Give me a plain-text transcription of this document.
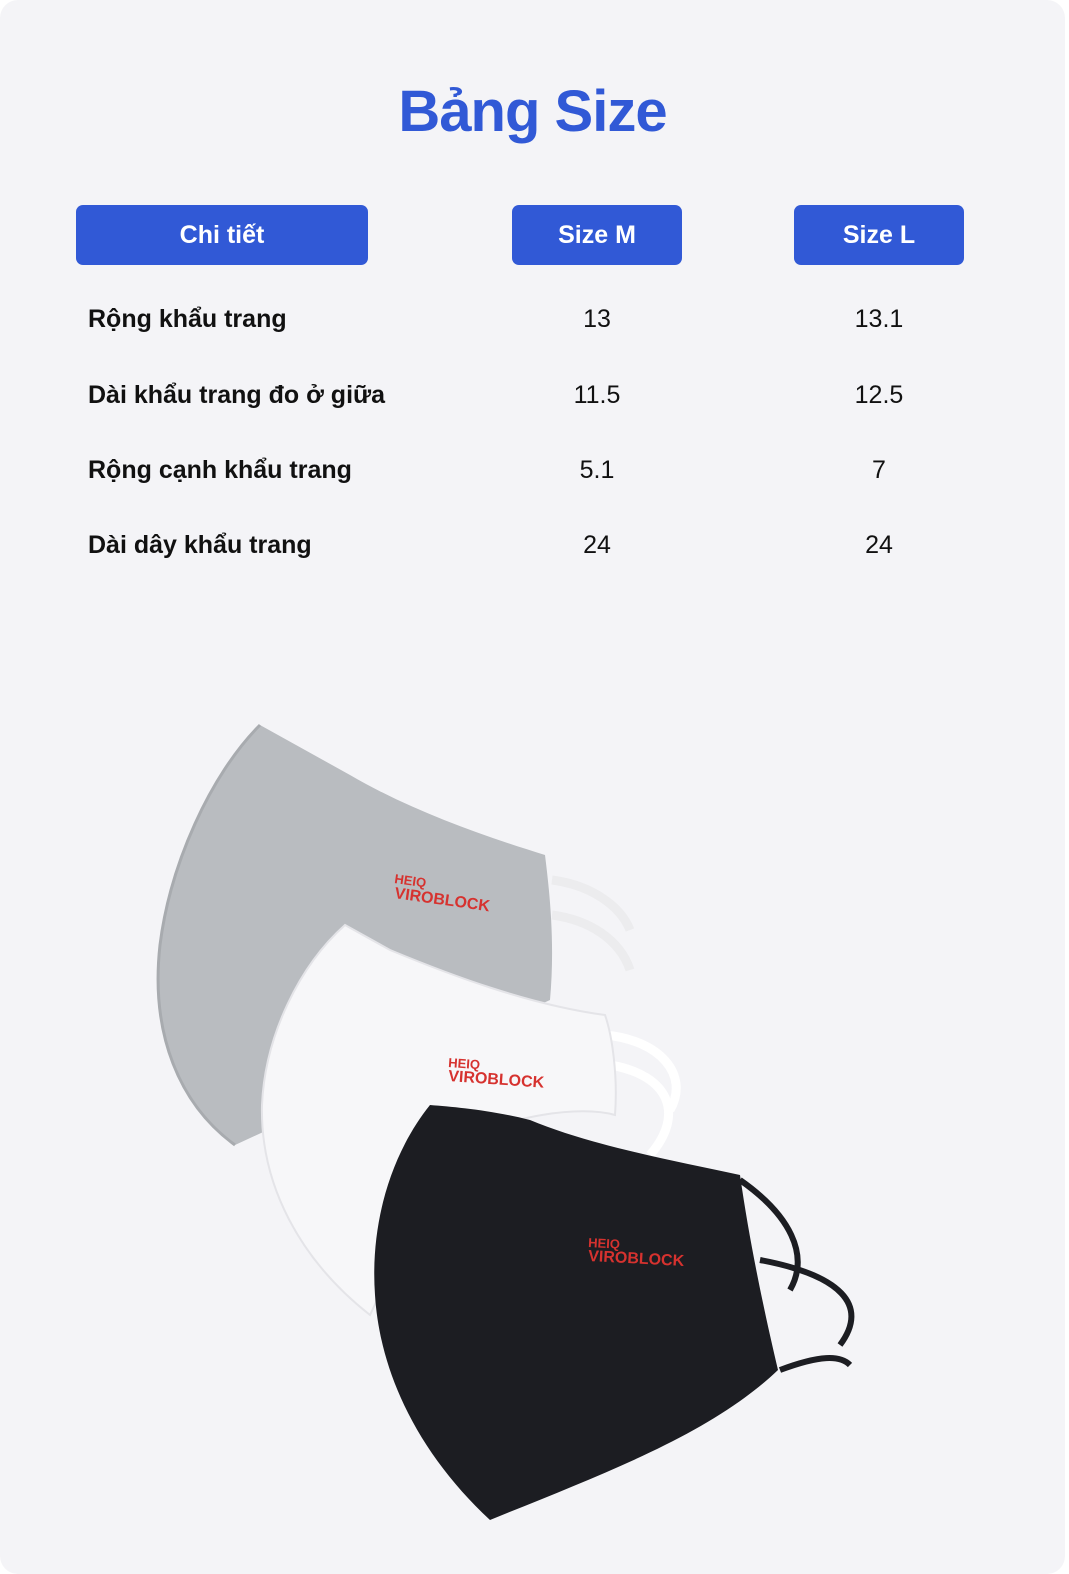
Bảng Size
Chi tiết	Size M	Size L
Rộng khẩu trang	13	13.1
Dài khẩu trang đo ở giữa	11.5	12.5
Rộng cạnh khẩu trang	5.1	7
Dài dây khẩu trang	24	24
HEIQ
VIROBLOCK
HEIQ
VIROBLOCK
HEIQ
VIROBLOCK
